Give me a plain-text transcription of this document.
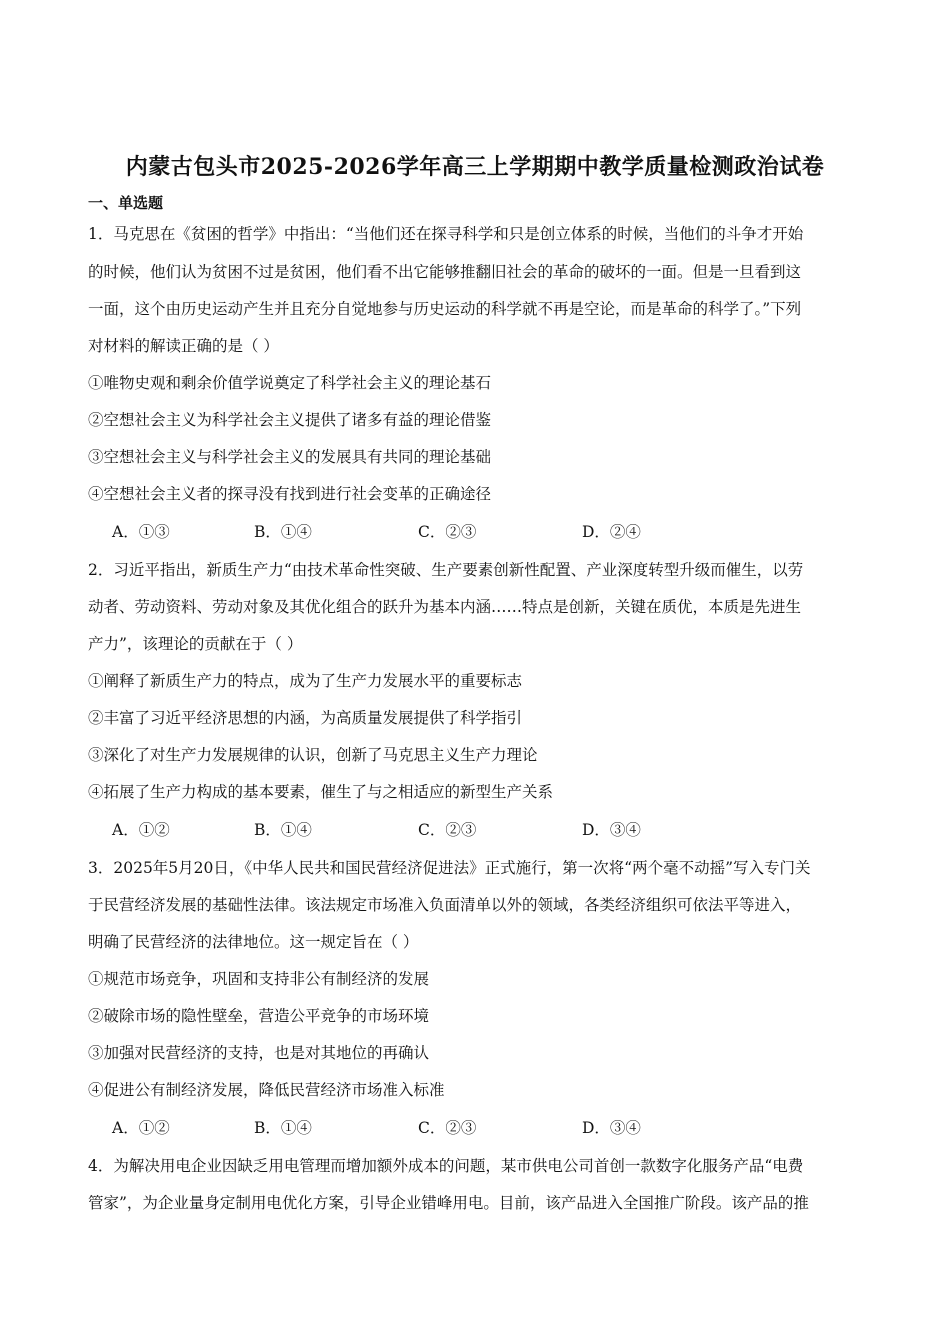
内蒙古包头市2025-2026学年高三上学期期中教学质量检测政治试卷
一、单选题
1．马克思在《贫困的哲学》中指出：“当他们还在探寻科学和只是创立体系的时候，当他们的斗争才开始
的时候，他们认为贫困不过是贫困，他们看不出它能够推翻旧社会的革命的破坏的一面。但是一旦看到这
一面，这个由历史运动产生并且充分自觉地参与历史运动的科学就不再是空论，而是革命的科学了。”下列
对材料的解读正确的是（ ）
①唯物史观和剩余价值学说奠定了科学社会主义的理论基石
②空想社会主义为科学社会主义提供了诸多有益的理论借鉴
③空想社会主义与科学社会主义的发展具有共同的理论基础
④空想社会主义者的探寻没有找到进行社会变革的正确途径
A．①③	B．①④	C．②③	D．②④
2．习近平指出，新质生产力“由技术革命性突破、生产要素创新性配置、产业深度转型升级而催生，以劳
动者、劳动资料、劳动对象及其优化组合的跃升为基本内涵……特点是创新，关键在质优，本质是先进生
产力”，该理论的贡献在于（ ）
①阐释了新质生产力的特点，成为了生产力发展水平的重要标志
②丰富了习近平经济思想的内涵，为高质量发展提供了科学指引
③深化了对生产力发展规律的认识，创新了马克思主义生产力理论
④拓展了生产力构成的基本要素，催生了与之相适应的新型生产关系
A．①②	B．①④	C．②③	D．③④
3．2025年5月20日，《中华人民共和国民营经济促进法》正式施行，第一次将“两个毫不动摇”写入专门关
于民营经济发展的基础性法律。该法规定市场准入负面清单以外的领域，各类经济组织可依法平等进入，
明确了民营经济的法律地位。这一规定旨在（ ）
①规范市场竞争，巩固和支持非公有制经济的发展
②破除市场的隐性壁垒，营造公平竞争的市场环境
③加强对民营经济的支持，也是对其地位的再确认
④促进公有制经济发展，降低民营经济市场准入标准
A．①②	B．①④	C．②③	D．③④
4．为解决用电企业因缺乏用电管理而增加额外成本的问题，某市供电公司首创一款数字化服务产品“电费
管家”，为企业量身定制用电优化方案，引导企业错峰用电。目前，该产品进入全国推广阶段。该产品的推
